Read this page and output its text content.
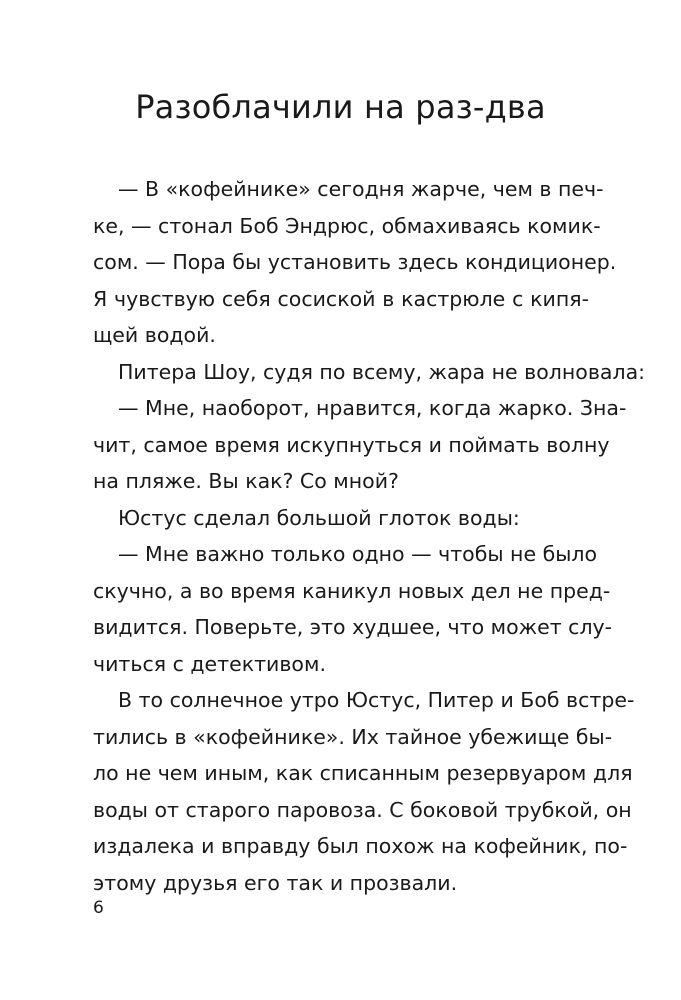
Разоблачили на раз-два
— В «кофейнике» сегодня жарче, чем в печ-
ке, — стонал Боб Эндрюс, обмахиваясь комик-
сом. — Пора бы установить здесь кондиционер.
Я чувствую себя сосиской в кастрюле с кипя-
щей водой.
Питера Шоу, судя по всему, жара не волновала:
— Мне, наоборот, нравится, когда жарко. Зна-
чит, самое время искупнуться и поймать волну
на пляже. Вы как? Со мной?
Юстус сделал большой глоток воды:
— Мне важно только одно — чтобы не было
скучно, а во время каникул новых дел не пред-
видится. Поверьте, это худшее, что может слу-
читься с детективом.
В то солнечное утро Юстус, Питер и Боб встре-
тились в «кофейнике». Их тайное убежище бы-
ло не чем иным, как списанным резервуаром для
воды от старого паровоза. С боковой трубкой, он
издалека и вправду был похож на кофейник, по-
этому друзья его так и прозвали.
6
